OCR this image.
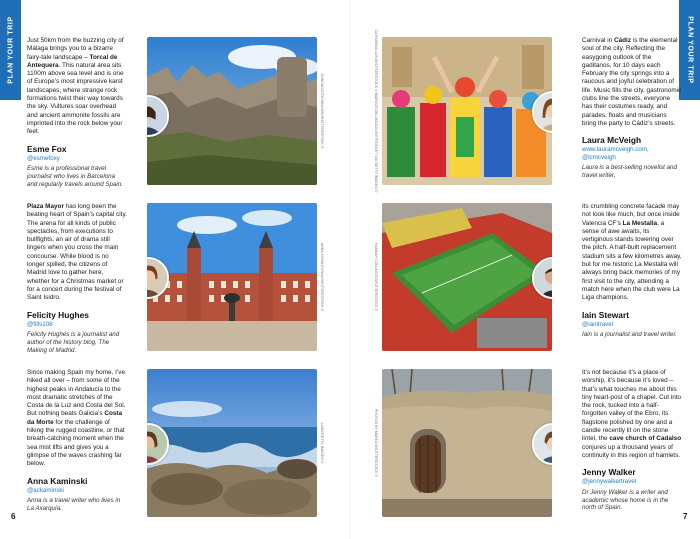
PLAN YOUR TRIP	PLAN YOUR TRIP
6	7

Just 50km from the buzzing city of Málaga brings you to a bizarre fairy-tale landscape – Torcal de Antequera. This natural area sits 1100m above sea level and is one of Europe’s most impressive karst landscapes, where strange rock formations twist their way towards the sky. Vultures soar overhead and ancient ammonite fossils are imprinted into the rock below your feet.

Esme Fox
@esmefoxy
Esme is a professional travel journalist who lives in Barcelona and regularly travels around Spain.
DUNCAN/STOCKBUYER/SHUTTERSTOCK ©

Plaza Mayor has long been the beating heart of Spain’s capital city. The arena for all kinds of public spectacles, from executions to bullfights, an air of drama still lingers when you cross the main concourse. While blood is no longer spilled, the citizens of Madrid love to gather here, whether for a Christmas market or for a concert during the festival of Saint Isidro.

Felicity Hughes
@fills108
Felicity Hughes is a journalist and author of the history blog, The Making of Madrid.
ANNA KOVALEVSKA/SHUTTERSTOCK ©

Since making Spain my home, I’ve hiked all over – from some of the highest peaks in Andalucía to the most dramatic stretches of the Costa de la Luz and Costa del Sol. But nothing beats Galicia’s Costa da Morte for the challenge of hiking the rugged coastline, or that breath-catching moment when the sea mist lifts and gives you a glimpse of the waves crashing far below.

Anna Kaminski
@ackaminski
Anna is a travel writer who lives in La Axarquía.
JAUN/GETTY IMAGES ©
CATHARINA LUX/SHUTTERSTOCK © MARCOS DEL MAZO/LIGHTROCKET VIA GETTY IMAGES ©	Carnival in Cádiz is the elemental soul of the city. Reflecting the easygoing outlook of the gaditanos, for 10 days each February the city springs into a raucous and joyful celebration of life. Music fills the city, gastronomic clubs line the streets, everyone has their costumes ready, and parades, floats and musicians bring the party to Cádiz’s streets.

Laura McVeigh
www.lauramcveigh.com, @lcmcveigh
Laura is a best-selling novelist and travel writer.
HANNAH COLLINGS/SHUTTERSTOCK ©

Its crumbling concrete facade may not look like much, but once inside Valencia CF’s La Mestalla, a sense of awe awaits, its vertiginous stands towering over the pitch. A half-built replacement stadium sits a few kilometres away, but for me historic La Mestalla will always bring back memories of my first visit to the city, attending a match here when the club were La Liga champions.

Iain Stewart
@iaintravel
Iain is a journalist and travel writer.
PHOTOS BY MARTA/SHUTTERSTOCK ©

It’s not because it’s a place of worship, it’s because it’s loved – that’s what touches me about this tiny heart-post of a chapel. Cut into the rock, tucked into a half-forgotten valley of the Ebro, its flagstone polished by one and a candle recently lit on the stone lintel, the cave church of Cadalso conjures up a thousand years of continuity in this region of hamlets.

Jenny Walker
@jennywalkertravel
Dr Jenny Walker is a writer and academic whose home is in the north of Spain.
